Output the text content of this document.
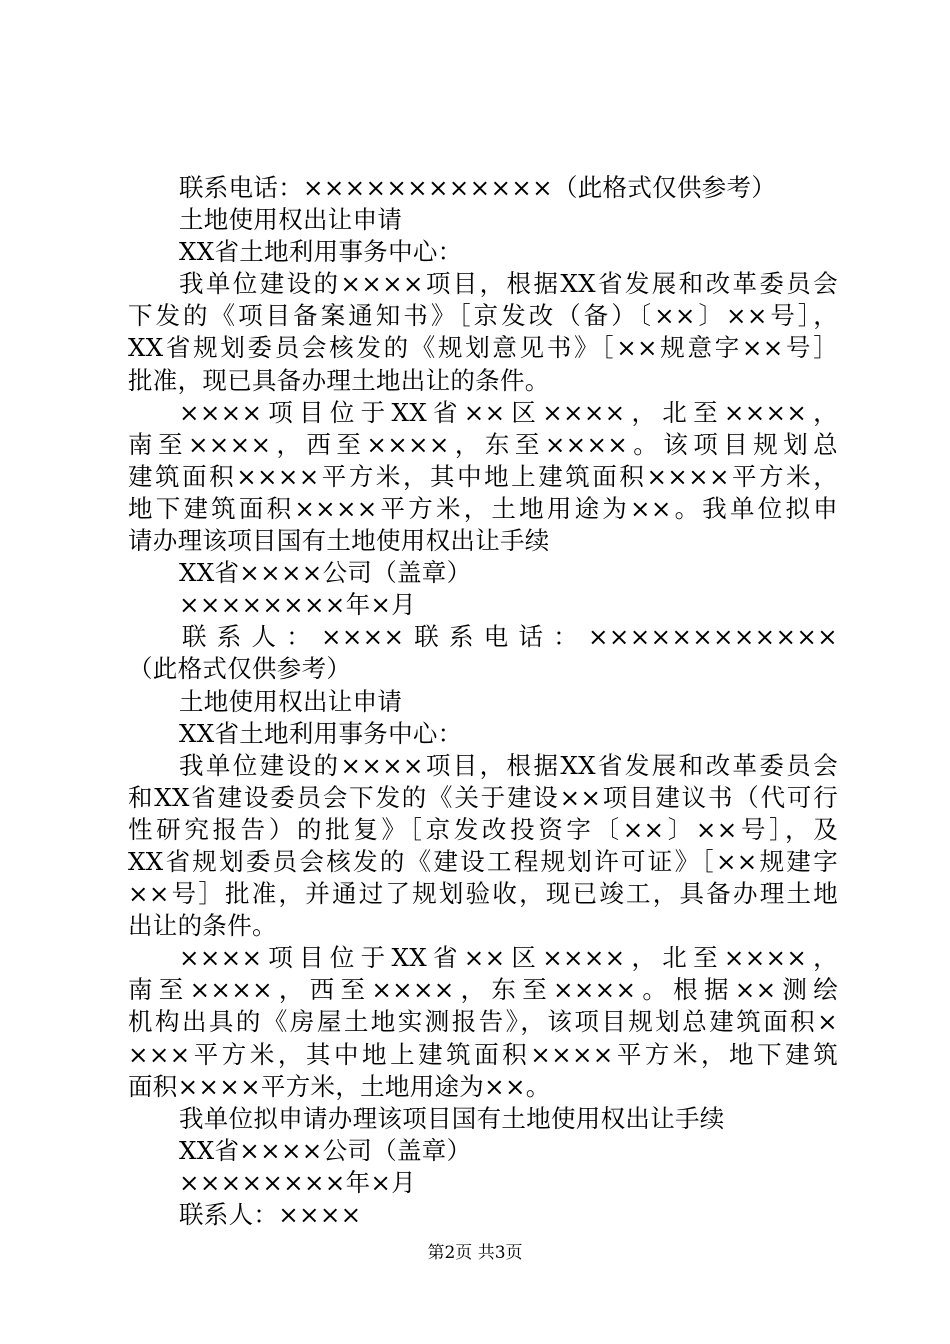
联系电话：××××××××××××（此格式仅供参考）
土地使用权出让申请
XX省土地利用事务中心：
我单位建设的××××项目，根据XX省发展和改革委员会
下发的《项目备案通知书》［京发改（备）〔××〕××号］，
XX省规划委员会核发的《规划意见书》［××规意字××号］
批准，现已具备办理土地出让的条件。
××××项目位于XX省××区××××，北至××××，
南至××××，西至××××，东至××××。该项目规划总
建筑面积××××平方米，其中地上建筑面积××××平方米，
地下建筑面积××××平方米，土地用途为××。我单位拟申
请办理该项目国有土地使用权出让手续
XX省××××公司（盖章）
××××××××年×月
联系人：××××联系电话：××××××××××××
（此格式仅供参考）
土地使用权出让申请
XX省土地利用事务中心：
我单位建设的××××项目，根据XX省发展和改革委员会
和XX省建设委员会下发的《关于建设××项目建议书（代可行
性研究报告）的批复》［京发改投资字〔××〕××号］，及
XX省规划委员会核发的《建设工程规划许可证》［××规建字
××号］批准，并通过了规划验收，现已竣工，具备办理土地
出让的条件。
××××项目位于XX省××区××××，北至××××，
南至××××，西至××××，东至××××。根据××测绘
机构出具的《房屋土地实测报告》，该项目规划总建筑面积×
×××平方米，其中地上建筑面积××××平方米，地下建筑
面积××××平方米，土地用途为××。
我单位拟申请办理该项目国有土地使用权出让手续
XX省××××公司（盖章）
××××××××年×月
联系人：××××
第2页 共3页
